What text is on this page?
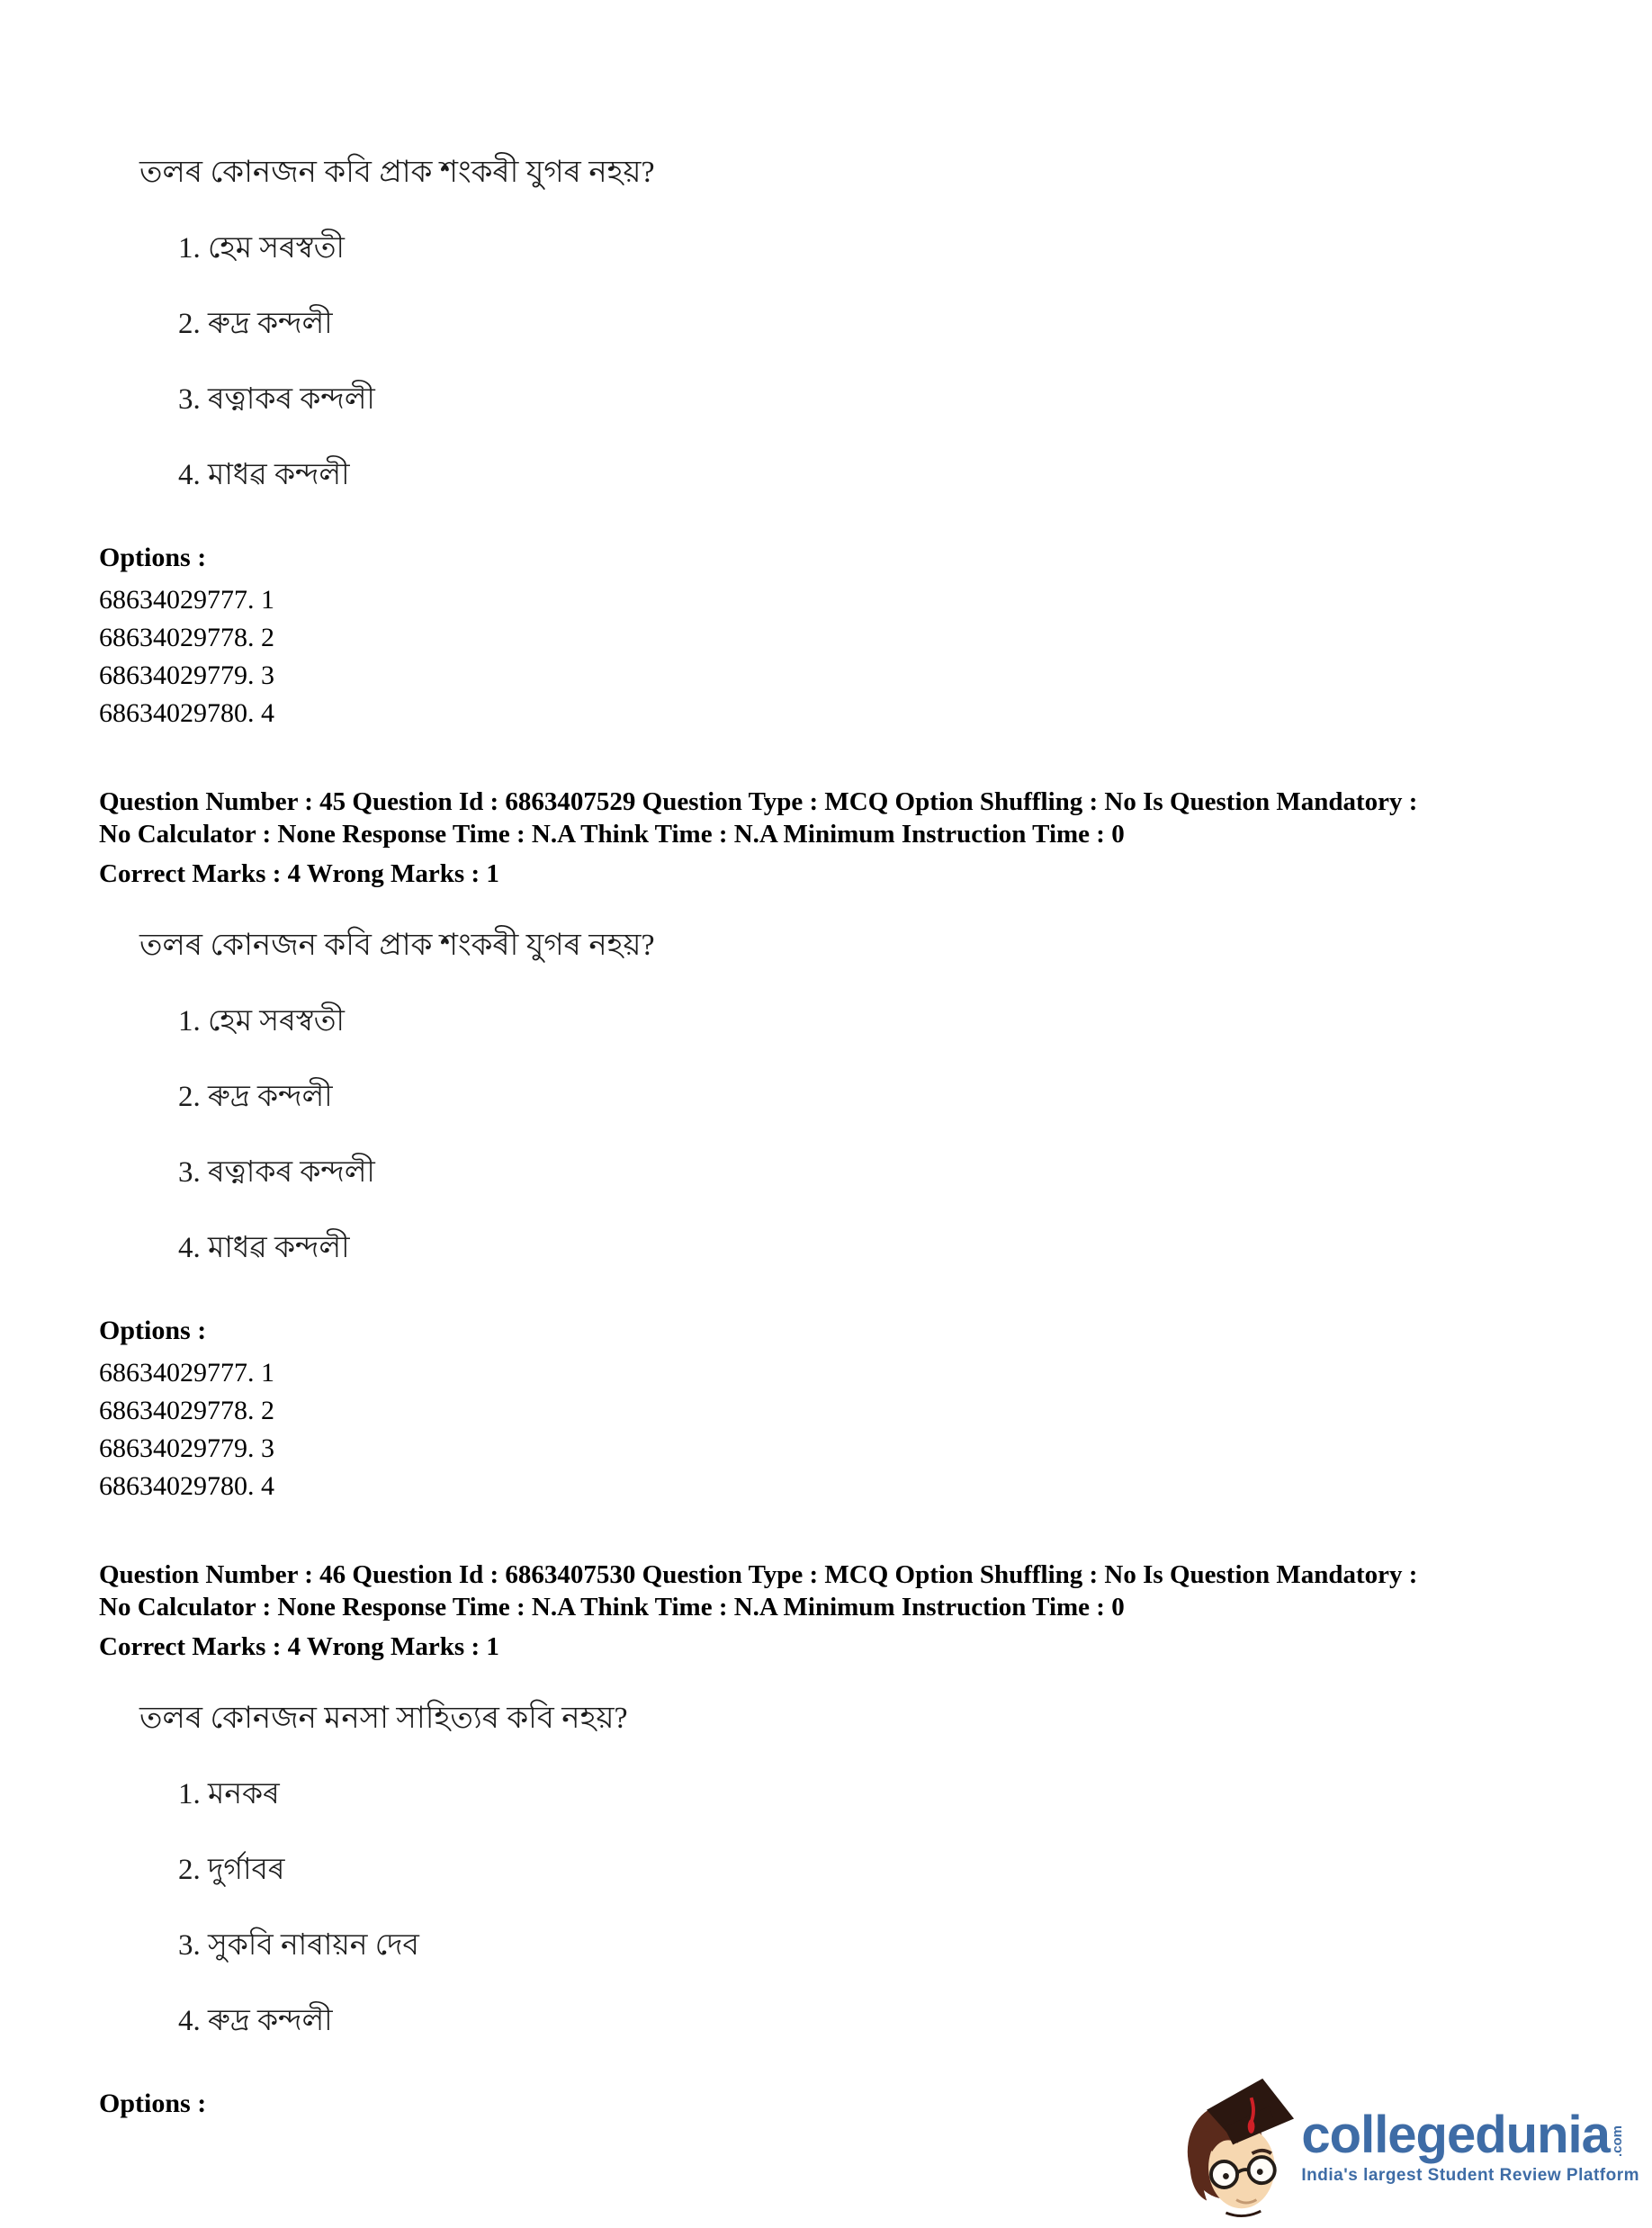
তলৰ কোনজন কবি প্ৰাক শংকৰী যুগৰ নহয়?
1. হেম সৰস্বতী
2. ৰুদ্ৰ কন্দলী
3. ৰত্নাকৰ কন্দলী
4. মাধৱ কন্দলী
Options :
68634029777. 1
68634029778. 2
68634029779. 3
68634029780. 4
Question Number : 45 Question Id : 6863407529 Question Type : MCQ Option Shuffling : No Is Question Mandatory :
No Calculator : None Response Time : N.A Think Time : N.A Minimum Instruction Time : 0
Correct Marks : 4 Wrong Marks : 1
তলৰ কোনজন কবি প্ৰাক শংকৰী যুগৰ নহয়?
1. হেম সৰস্বতী
2. ৰুদ্ৰ কন্দলী
3. ৰত্নাকৰ কন্দলী
4. মাধৱ কন্দলী
Options :
68634029777. 1
68634029778. 2
68634029779. 3
68634029780. 4
Question Number : 46 Question Id : 6863407530 Question Type : MCQ Option Shuffling : No Is Question Mandatory :
No Calculator : None Response Time : N.A Think Time : N.A Minimum Instruction Time : 0
Correct Marks : 4 Wrong Marks : 1
তলৰ কোনজন মনসা সাহিত্যৰ কবি নহয়?
1. মনকৰ
2. দুৰ্গাবৰ
3. সুকবি নাৰায়ন দেব
4. ৰুদ্ৰ কন্দলী
Options :
collegedunia .com
India's largest Student Review Platform
